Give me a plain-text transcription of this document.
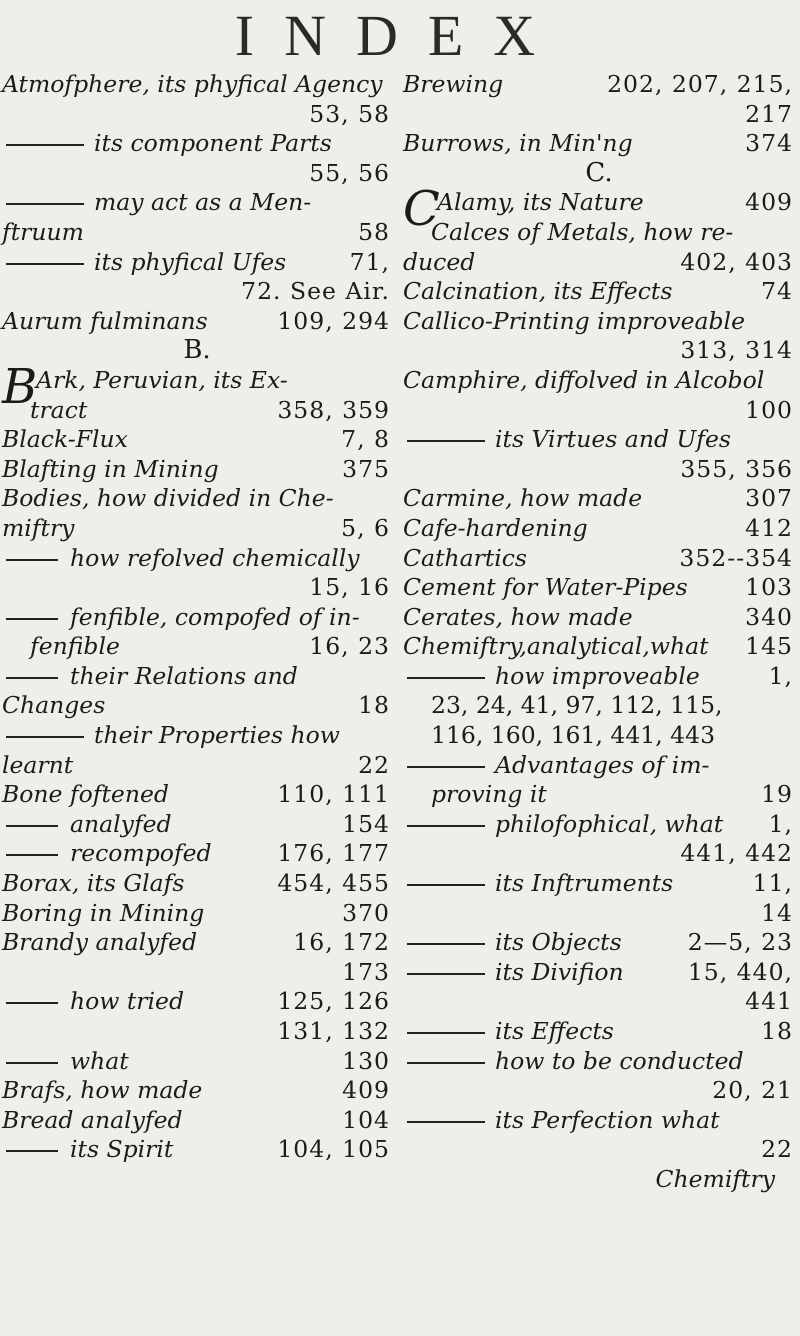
INDEX
Atmofphere, its phyfical Agency
53, 58
its component Parts
55, 56
may act as a Men-
ftruum	58
its phyfical Ufes	71,
72. See Air.
Aurum fulminans	109, 294
B.
B
Ark, Peruvian, its Ex-
tract	358, 359
Black-Flux	7, 8
Blafting in Mining	375
Bodies, how divided in Che-
miftry	5, 6
how refolved chemically
15, 16
fenfible, compofed of in-
fenfible	16, 23
their Relations and
Changes	18
their Properties how
learnt	22
Bone foftened	110, 111
analyfed	154
recompofed	176, 177
Borax, its Glafs	454, 455
Boring in Mining	370
Brandy analyfed	16, 172
173
how tried	125, 126
131, 132
what	130
Brafs, how made	409
Bread analyfed	104
its Spirit	104, 105
Brewing	202, 207, 215,
217
Burrows, in Min'ng	374
C.
C
Alamy, its Nature	409
Calces of Metals, how re-
duced	402, 403
Calcination, its Effects	74
Callico-Printing improveable
313, 314
Camphire, diffolved in Alcobol
100
its Virtues and Ufes
355, 356
Carmine, how made	307
Cafe-hardening	412
Cathartics	352--354
Cement for Water-Pipes 103
Cerates, how made	340
Chemiftry,analytical,what 145
how improveable	1,
23, 24, 41, 97, 112, 115,
116, 160, 161, 441, 443
Advantages of im-
proving it	19
philofophical, what 1,
441, 442
its Inftruments	11,
14
its Objects	2—5, 23
its Divifion	15, 440,
441
its Effects	18
how to be conducted
20, 21
its Perfection what
22
Chemiftry
